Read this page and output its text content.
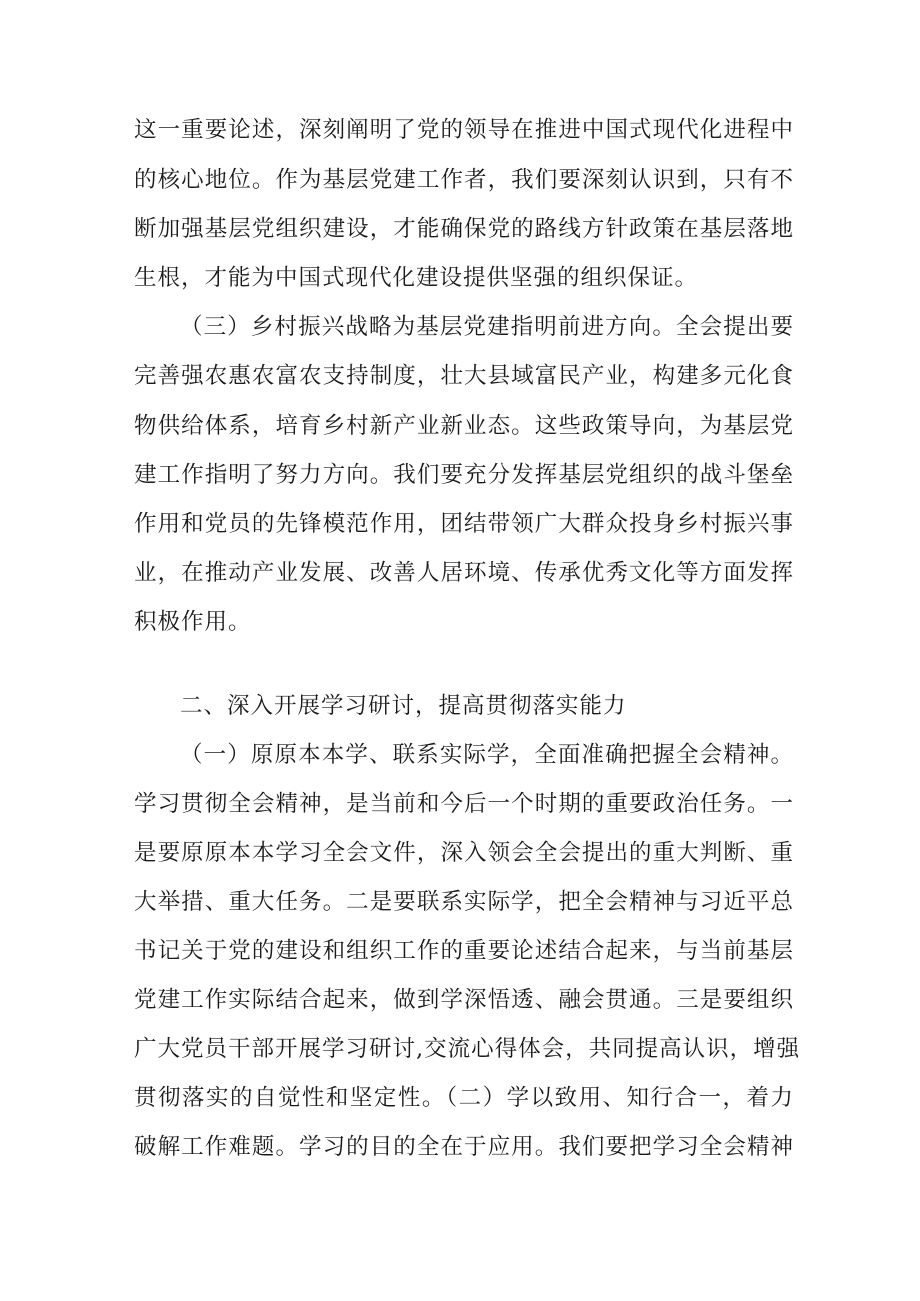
这一重要论述，深刻阐明了党的领导在推进中国式现代化进程中
的核心地位。作为基层党建工作者，我们要深刻认识到，只有不
断加强基层党组织建设，才能确保党的路线方针政策在基层落地
生根，才能为中国式现代化建设提供坚强的组织保证。
（三）乡村振兴战略为基层党建指明前进方向。全会提出要
完善强农惠农富农支持制度，壮大县域富民产业，构建多元化食
物供给体系，培育乡村新产业新业态。这些政策导向，为基层党
建工作指明了努力方向。我们要充分发挥基层党组织的战斗堡垒
作用和党员的先锋模范作用，团结带领广大群众投身乡村振兴事
业，在推动产业发展、改善人居环境、传承优秀文化等方面发挥
积极作用。
二、深入开展学习研讨，提高贯彻落实能力
（一）原原本本学、联系实际学，全面准确把握全会精神。
学习贯彻全会精神，是当前和今后一个时期的重要政治任务。一
是要原原本本学习全会文件，深入领会全会提出的重大判断、重
大举措、重大任务。二是要联系实际学，把全会精神与习近平总
书记关于党的建设和组织工作的重要论述结合起来，与当前基层
党建工作实际结合起来，做到学深悟透、融会贯通。三是要组织
广大党员干部开展学习研讨,交流心得体会，共同提高认识，增强
贯彻落实的自觉性和坚定性。（二）学以致用、知行合一，着力
破解工作难题。学习的目的全在于应用。我们要把学习全会精神
